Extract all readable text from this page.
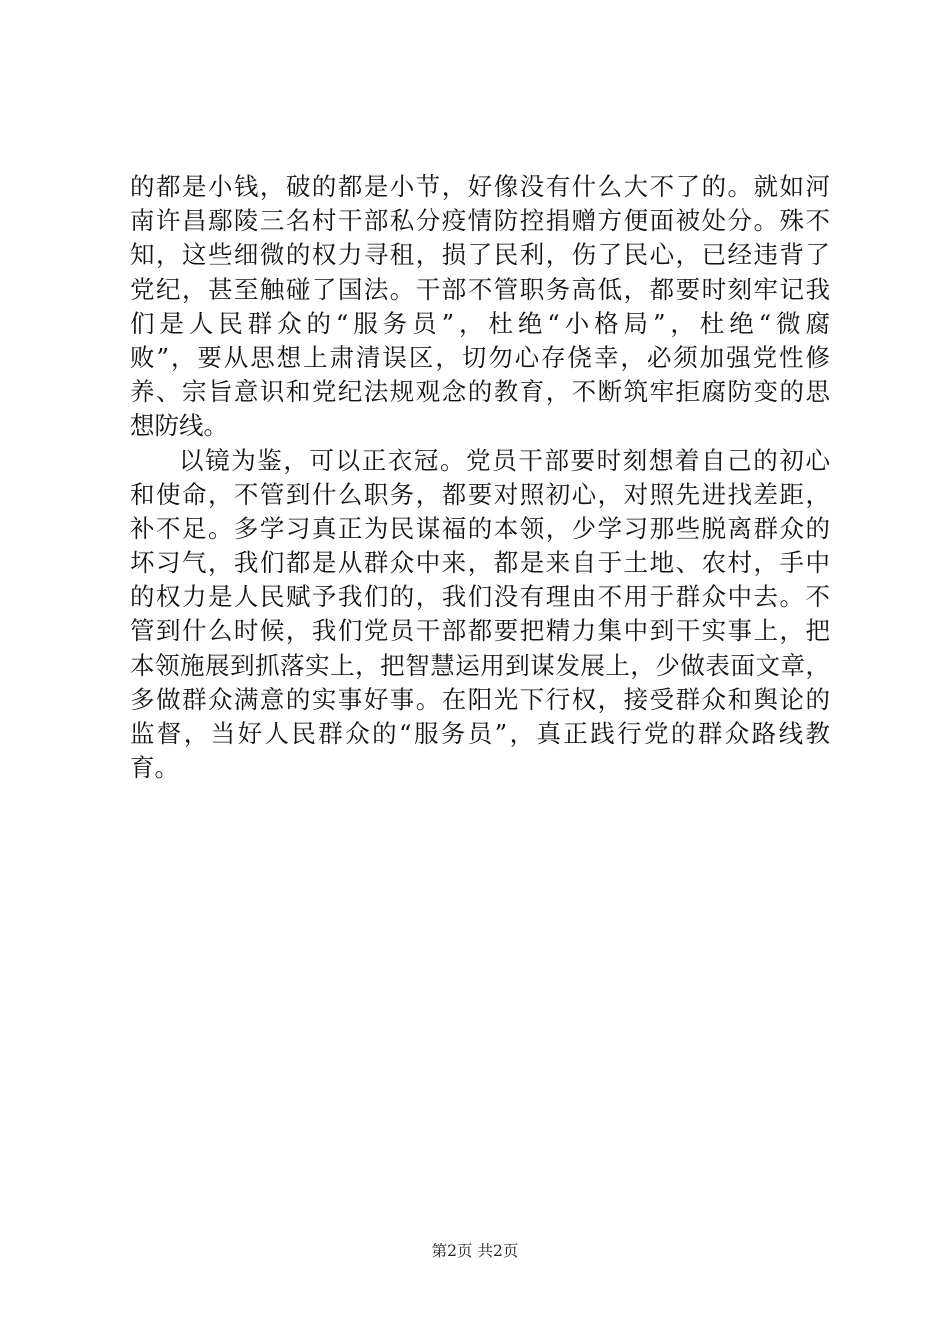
的都是小钱，破的都是小节，好像没有什么大不了的。就如河
南许昌鄢陵三名村干部私分疫情防控捐赠方便面被处分。殊不
知，这些细微的权力寻租，损了民利，伤了民心，已经违背了
党纪，甚至触碰了国法。干部不管职务高低，都要时刻牢记我
们是人民群众的“服务员”，杜绝“小格局”，杜绝“微腐
败”，要从思想上肃清误区，切勿心存侥幸，必须加强党性修
养、宗旨意识和党纪法规观念的教育，不断筑牢拒腐防变的思
想防线。
以镜为鉴，可以正衣冠。党员干部要时刻想着自己的初心
和使命，不管到什么职务，都要对照初心，对照先进找差距，
补不足。多学习真正为民谋福的本领，少学习那些脱离群众的
坏习气，我们都是从群众中来，都是来自于土地、农村，手中
的权力是人民赋予我们的，我们没有理由不用于群众中去。不
管到什么时候，我们党员干部都要把精力集中到干实事上，把
本领施展到抓落实上，把智慧运用到谋发展上，少做表面文章，
多做群众满意的实事好事。在阳光下行权，接受群众和舆论的
监督，当好人民群众的“服务员”，真正践行党的群众路线教
育。
第2页 共2页
